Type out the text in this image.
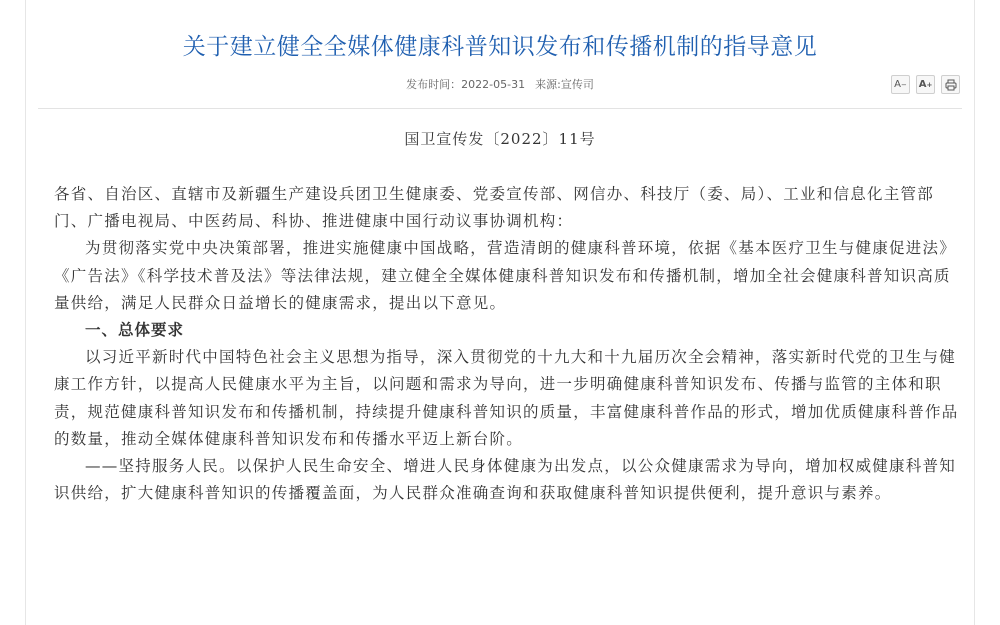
关于建立健全全媒体健康科普知识发布和传播机制的指导意见
发布时间：2022-05-31 来源:宣传司	A − A +
国卫宣传发〔2022〕11号

各省、自治区、直辖市及新疆生产建设兵团卫生健康委、党委宣传部、网信办、科技厅（委、局）、工业和信息化主管部门、广播电视局、中医药局、科协、推进健康中国行动议事协调机构：

为贯彻落实党中央决策部署，推进实施健康中国战略，营造清朗的健康科普环境，依据《基本医疗卫生与健康促进法》《广告法》《科学技术普及法》等法律法规，建立健全全媒体健康科普知识发布和传播机制，增加全社会健康科普知识高质量供给，满足人民群众日益增长的健康需求，提出以下意见。

一、总体要求

以习近平新时代中国特色社会主义思想为指导，深入贯彻党的十九大和十九届历次全会精神，落实新时代党的卫生与健康工作方针，以提高人民健康水平为主旨，以问题和需求为导向，进一步明确健康科普知识发布、传播与监管的主体和职责，规范健康科普知识发布和传播机制，持续提升健康科普知识的质量，丰富健康科普作品的形式，增加优质健康科普作品的数量，推动全媒体健康科普知识发布和传播水平迈上新台阶。

——坚持服务人民。以保护人民生命安全、增进人民身体健康为出发点，以公众健康需求为导向，增加权威健康科普知识供给，扩大健康科普知识的传播覆盖面，为人民群众准确查询和获取健康科普知识提供便利，提升意识与素养。
